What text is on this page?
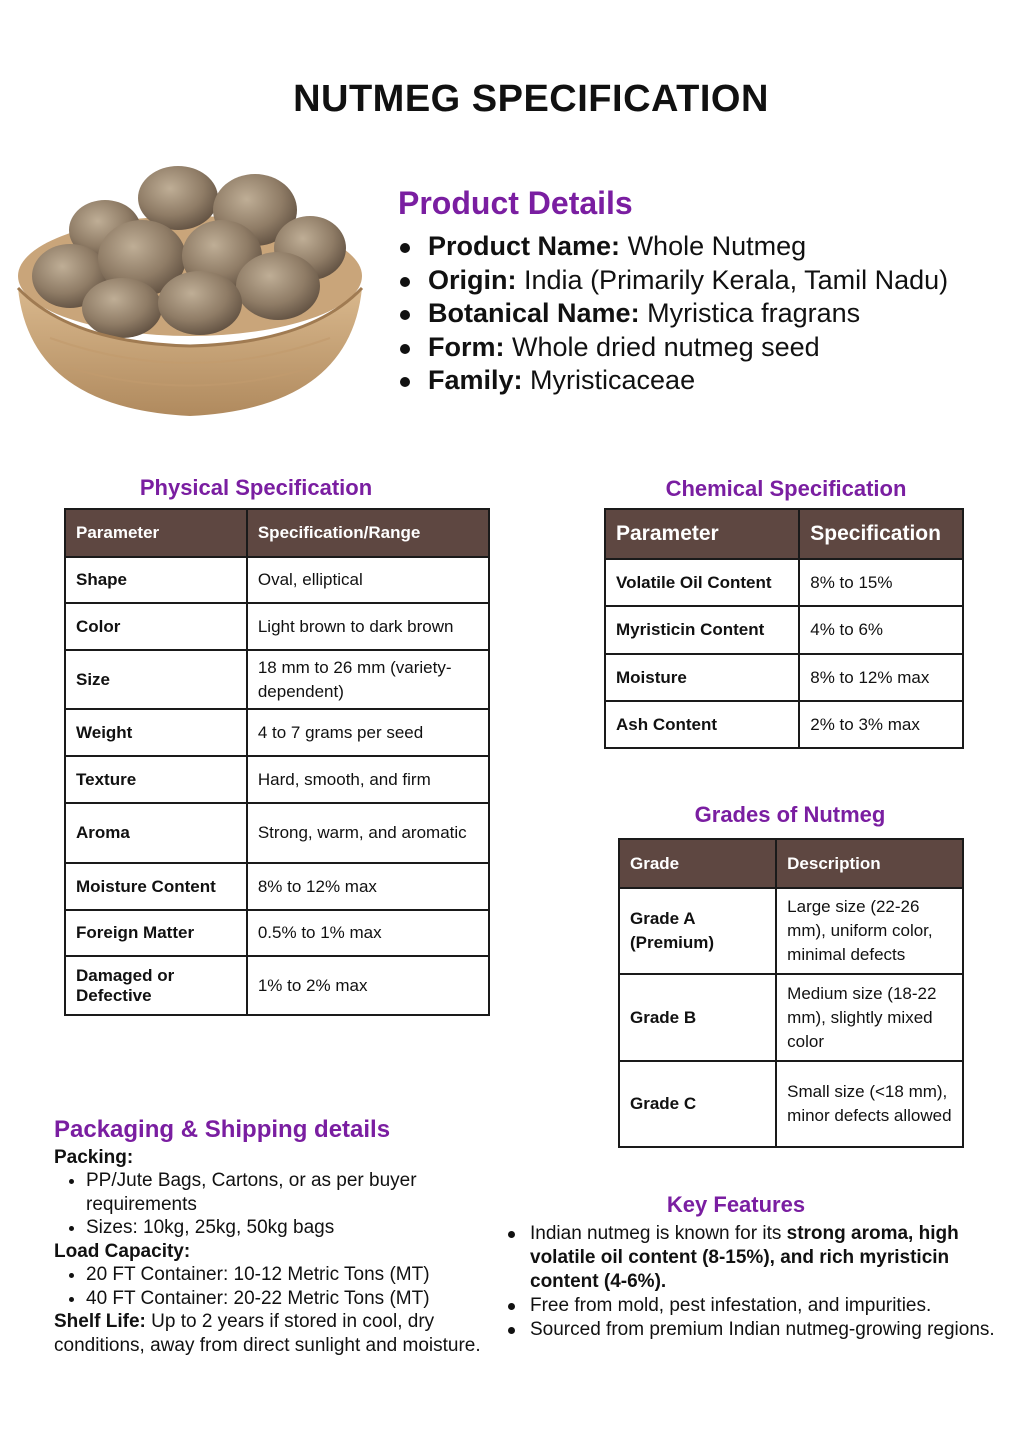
NUTMEG SPECIFICATION
Product Details
Product Name: Whole Nutmeg
Origin: India (Primarily Kerala, Tamil Nadu)
Botanical Name: Myristica fragrans
Form: Whole dried nutmeg seed
Family: Myristicaceae
Physical Specification
Parameter	Specification/Range
Shape	Oval, elliptical
Color	Light brown to dark brown
Size	18 mm to 26 mm (variety-dependent)
Weight	4 to 7 grams per seed
Texture	Hard, smooth, and firm
Aroma	Strong, warm, and aromatic
Moisture Content	8% to 12% max
Foreign Matter	0.5% to 1% max
Damaged or Defective	1% to 2% max
Chemical Specification
Parameter	Specification
Volatile Oil Content	8% to 15%
Myristicin Content	4% to 6%
Moisture	8% to 12% max
Ash Content	2% to 3% max
Grades of Nutmeg
Grade	Description
Grade A (Premium)	Large size (22-26 mm), uniform color, minimal defects
Grade B	Medium size (18-22 mm), slightly mixed color
Grade C	Small size (<18 mm), minor defects allowed
Packaging & Shipping details
Packing:
• PP/Jute Bags, Cartons, or as per buyer requirements
• Sizes: 10kg, 25kg, 50kg bags
Load Capacity:
• 20 FT Container: 10-12 Metric Tons (MT)
• 40 FT Container: 20-22 Metric Tons (MT)
Shelf Life: Up to 2 years if stored in cool, dry conditions, away from direct sunlight and moisture.
Key Features
Indian nutmeg is known for its strong aroma, high volatile oil content (8-15%), and rich myristicin content (4-6%).
Free from mold, pest infestation, and impurities.
Sourced from premium Indian nutmeg-growing regions.
